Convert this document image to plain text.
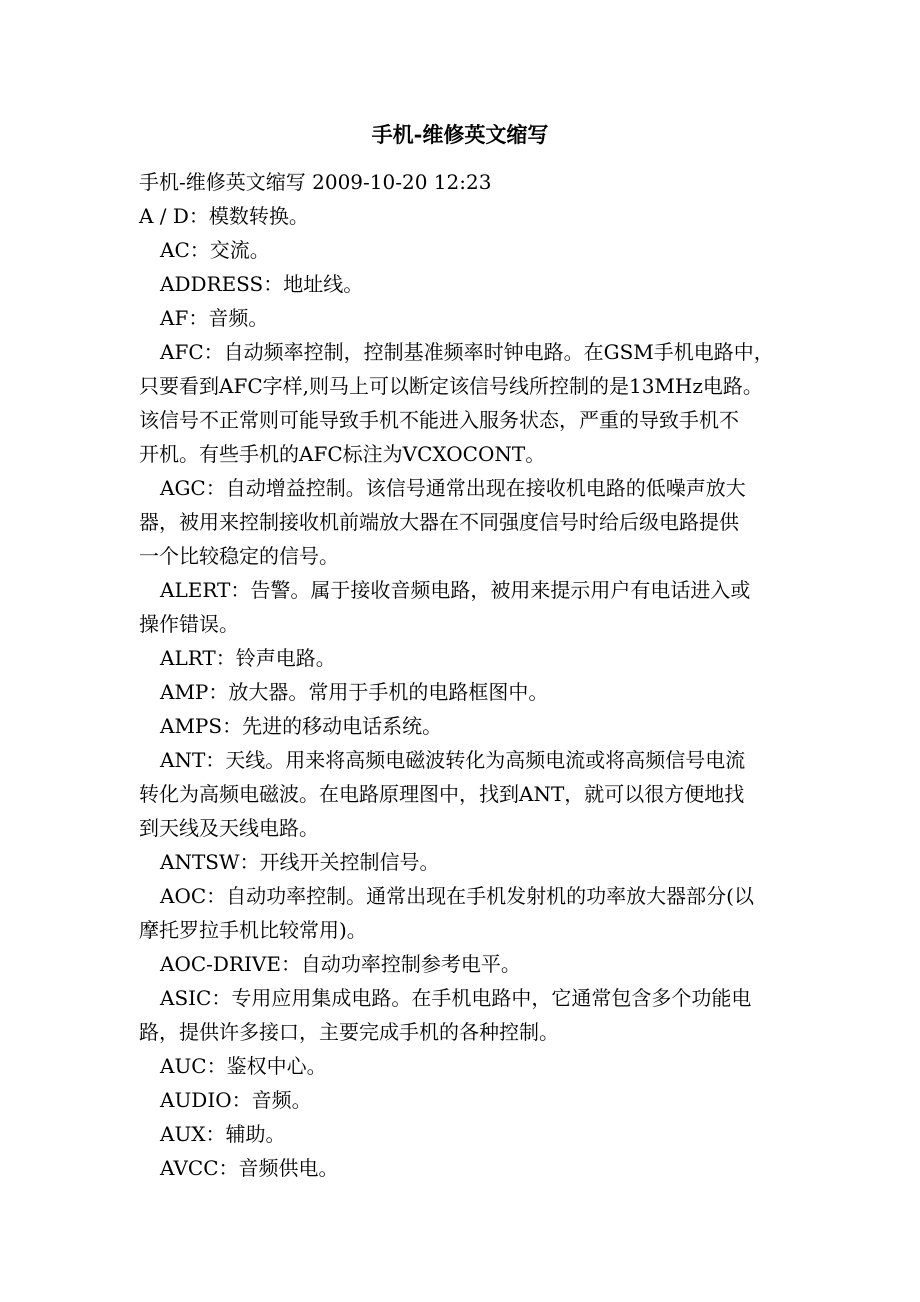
手机-维修英文缩写

手机-维修英文缩写 2009-10-20 12:23

A / D：模数转换。

AC：交流。

ADDRESS：地址线。

AF：音频。

AFC：自动频率控制，控制基准频率时钟电路。在GSM手机电路中，

只要看到AFC字样,则马上可以断定该信号线所控制的是13MHz电路。

该信号不正常则可能导致手机不能进入服务状态，严重的导致手机不

开机。有些手机的AFC标注为VCXOCONT。

AGC：自动增益控制。该信号通常出现在接收机电路的低噪声放大

器，被用来控制接收机前端放大器在不同强度信号时给后级电路提供

一个比较稳定的信号。

ALERT：告警。属于接收音频电路，被用来提示用户有电话进入或

操作错误。

ALRT：铃声电路。

AMP：放大器。常用于手机的电路框图中。

AMPS：先进的移动电话系统。

ANT：天线。用来将高频电磁波转化为高频电流或将高频信号电流

转化为高频电磁波。在电路原理图中，找到ANT，就可以很方便地找

到天线及天线电路。

ANTSW：开线开关控制信号。

AOC：自动功率控制。通常出现在手机发射机的功率放大器部分(以

摩托罗拉手机比较常用)。

AOC-DRIVE：自动功率控制参考电平。

ASIC：专用应用集成电路。在手机电路中，它通常包含多个功能电

路，提供许多接口，主要完成手机的各种控制。

AUC：鉴权中心。

AUDIO：音频。

AUX：辅助。

AVCC：音频供电。
